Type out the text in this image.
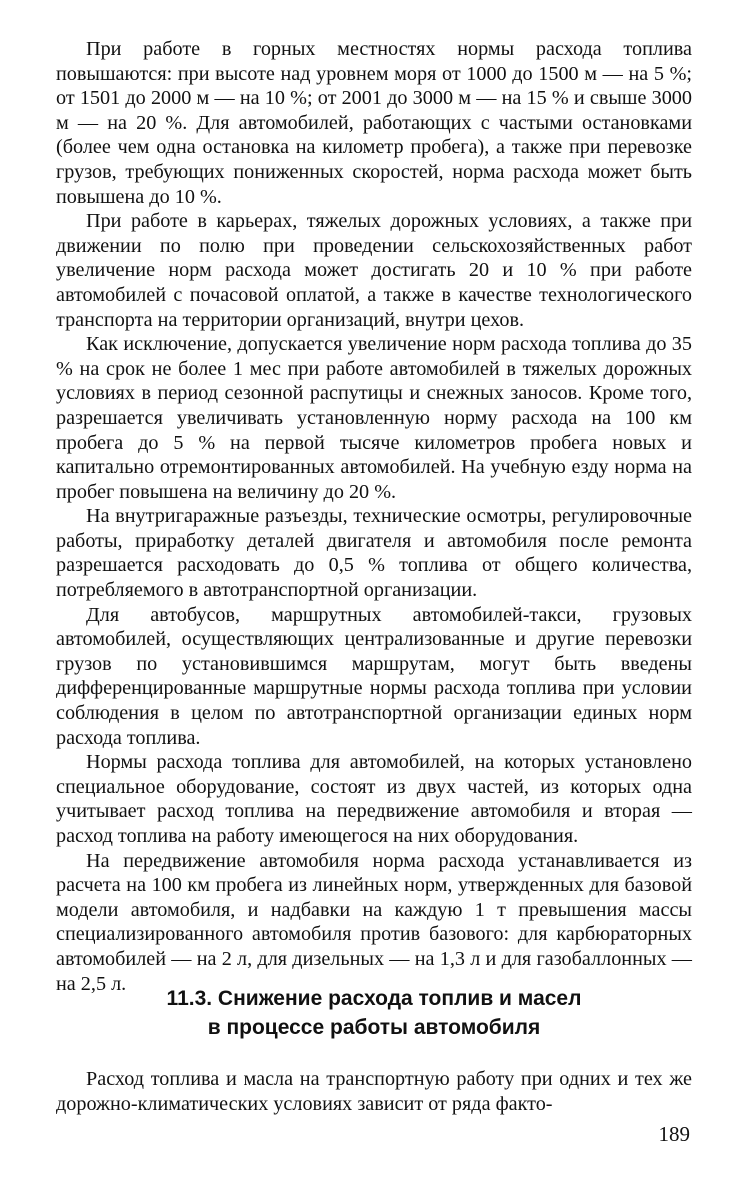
При работе в горных местностях нормы расхода топлива повышаются: при высоте над уровнем моря от 1000 до 1500 м — на 5 %; от 1501 до 2000 м — на 10 %; от 2001 до 3000 м — на 15 % и свыше 3000 м — на 20 %. Для автомобилей, работающих с частыми остановками (более чем одна остановка на километр пробега), а также при перевозке грузов, требующих пониженных скоростей, норма расхода может быть повышена до 10 %.

При работе в карьерах, тяжелых дорожных условиях, а также при движении по полю при проведении сельскохозяйственных работ увеличение норм расхода может достигать 20 и 10 % при работе автомобилей с почасовой оплатой, а также в качестве технологического транспорта на территории организаций, внутри цехов.

Как исключение, допускается увеличение норм расхода топлива до 35 % на срок не более 1 мес при работе автомобилей в тяжелых дорожных условиях в период сезонной распутицы и снежных заносов. Кроме того, разрешается увеличивать установленную норму расхода на 100 км пробега до 5 % на первой тысяче километров пробега новых и капитально отремонтированных автомобилей. На учебную езду норма на пробег повышена на величину до 20 %.

На внутригаражные разъезды, технические осмотры, регулировочные работы, приработку деталей двигателя и автомобиля после ремонта разрешается расходовать до 0,5 % топлива от общего количества, потребляемого в автотранспортной организации.

Для автобусов, маршрутных автомобилей-такси, грузовых автомобилей, осуществляющих централизованные и другие перевозки грузов по установившимся маршрутам, могут быть введены дифференцированные маршрутные нормы расхода топлива при условии соблюдения в целом по автотранспортной организации единых норм расхода топлива.

Нормы расхода топлива для автомобилей, на которых установлено специальное оборудование, состоят из двух частей, из которых одна учитывает расход топлива на передвижение автомобиля и вторая — расход топлива на работу имеющегося на них оборудования.

На передвижение автомобиля норма расхода устанавливается из расчета на 100 км пробега из линейных норм, утвержденных для базовой модели автомобиля, и надбавки на каждую 1 т превышения массы специализированного автомобиля против базового: для карбюраторных автомобилей — на 2 л, для дизельных — на 1,3 л и для газобаллонных — на 2,5 л.

11.3. Снижение расхода топлив и масел
в процессе работы автомобиля

Расход топлива и масла на транспортную работу при одних и тех же дорожно-климатических условиях зависит от ряда факто-

189
